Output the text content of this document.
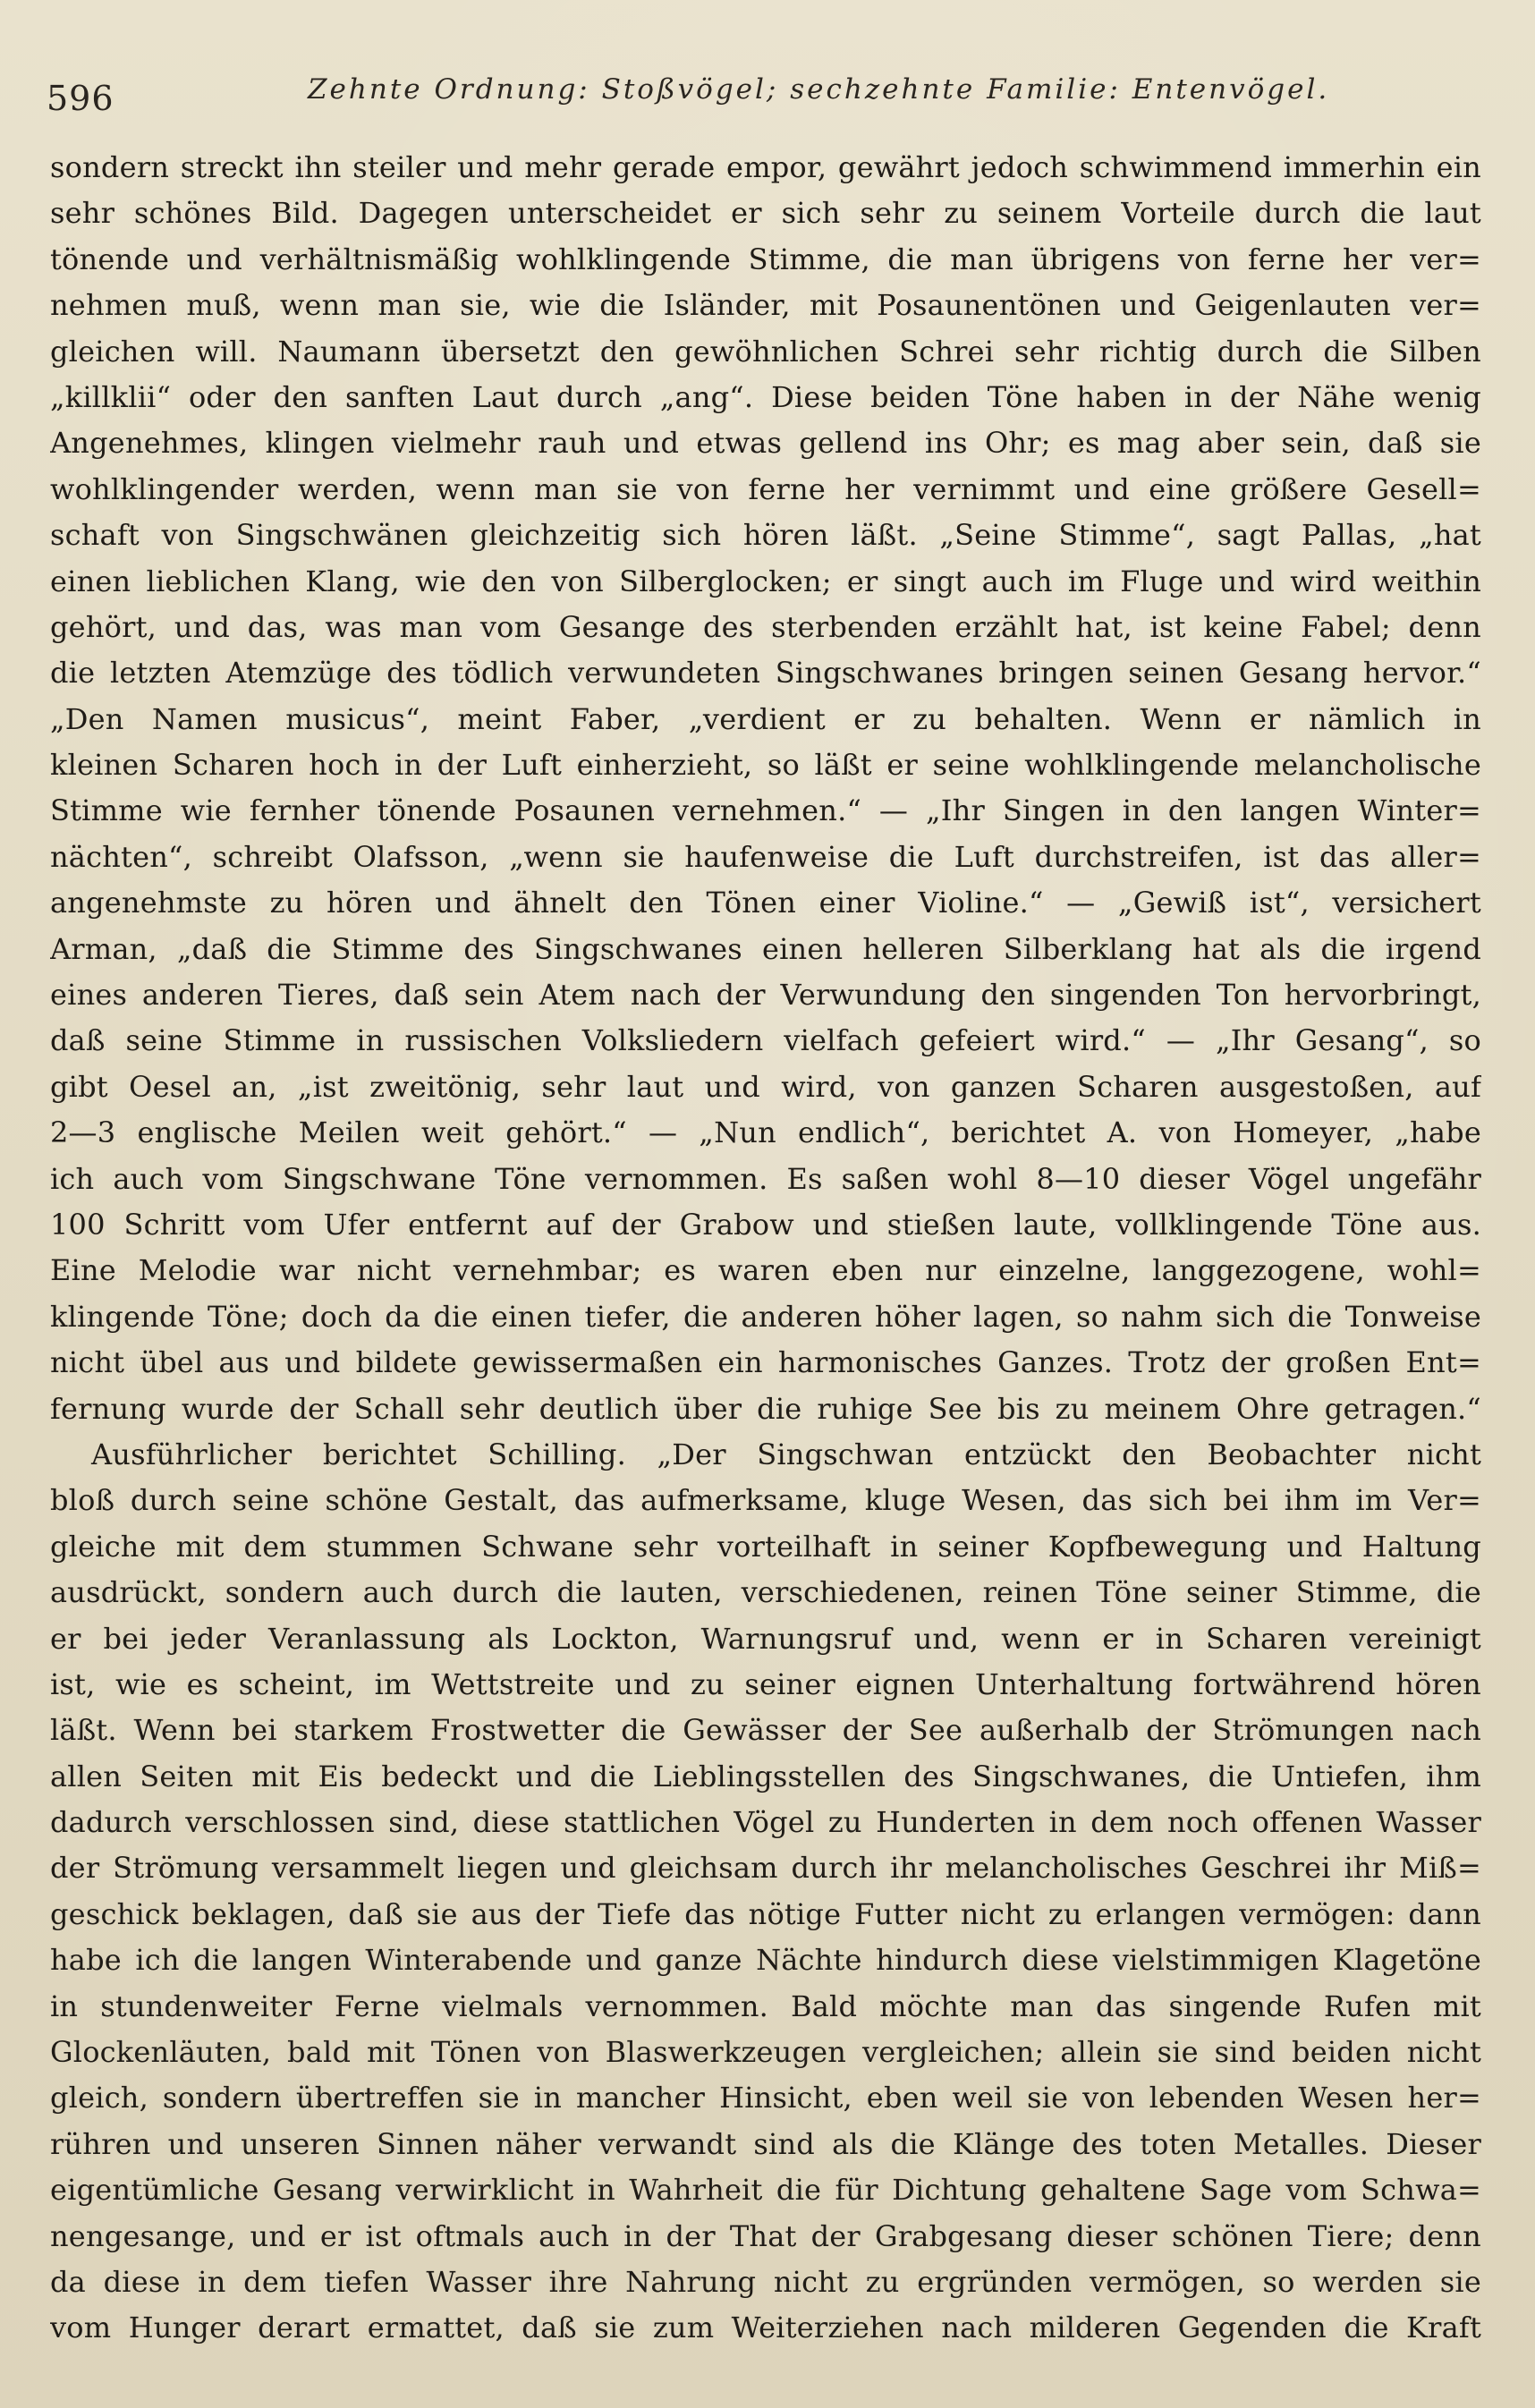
596	Zehnte Ordnung: Stoßvögel; sechzehnte Familie: Entenvögel.
sondern streckt ihn steiler und mehr gerade empor, gewährt jedoch schwimmend immerhin ein
sehr schönes Bild. Dagegen unterscheidet er sich sehr zu seinem Vorteile durch die laut
tönende und verhältnismäßig wohlklingende Stimme, die man übrigens von ferne her ver=
nehmen muß, wenn man sie, wie die Isländer, mit Posaunentönen und Geigenlauten ver=
gleichen will. Naumann übersetzt den gewöhnlichen Schrei sehr richtig durch die Silben
„killklii“ oder den sanften Laut durch „ang“. Diese beiden Töne haben in der Nähe wenig
Angenehmes, klingen vielmehr rauh und etwas gellend ins Ohr; es mag aber sein, daß sie
wohlklingender werden, wenn man sie von ferne her vernimmt und eine größere Gesell=
schaft von Singschwänen gleichzeitig sich hören läßt. „Seine Stimme“, sagt Pallas, „hat
einen lieblichen Klang, wie den von Silberglocken; er singt auch im Fluge und wird weithin
gehört, und das, was man vom Gesange des sterbenden erzählt hat, ist keine Fabel; denn
die letzten Atemzüge des tödlich verwundeten Singschwanes bringen seinen Gesang hervor.“
„Den Namen musicus“, meint Faber, „verdient er zu behalten. Wenn er nämlich in
kleinen Scharen hoch in der Luft einherzieht, so läßt er seine wohlklingende melancholische
Stimme wie fernher tönende Posaunen vernehmen.“ — „Ihr Singen in den langen Winter=
nächten“, schreibt Olafsson, „wenn sie haufenweise die Luft durchstreifen, ist das aller=
angenehmste zu hören und ähnelt den Tönen einer Violine.“ — „Gewiß ist“, versichert
Arman, „daß die Stimme des Singschwanes einen helleren Silberklang hat als die irgend
eines anderen Tieres, daß sein Atem nach der Verwundung den singenden Ton hervorbringt,
daß seine Stimme in russischen Volksliedern vielfach gefeiert wird.“ — „Ihr Gesang“, so
gibt Oesel an, „ist zweitönig, sehr laut und wird, von ganzen Scharen ausgestoßen, auf
2—3 englische Meilen weit gehört.“ — „Nun endlich“, berichtet A. von Homeyer, „habe
ich auch vom Singschwane Töne vernommen. Es saßen wohl 8—10 dieser Vögel ungefähr
100 Schritt vom Ufer entfernt auf der Grabow und stießen laute, vollklingende Töne aus.
Eine Melodie war nicht vernehmbar; es waren eben nur einzelne, langgezogene, wohl=
klingende Töne; doch da die einen tiefer, die anderen höher lagen, so nahm sich die Tonweise
nicht übel aus und bildete gewissermaßen ein harmonisches Ganzes. Trotz der großen Ent=
fernung wurde der Schall sehr deutlich über die ruhige See bis zu meinem Ohre getragen.“
Ausführlicher berichtet Schilling. „Der Singschwan entzückt den Beobachter nicht
bloß durch seine schöne Gestalt, das aufmerksame, kluge Wesen, das sich bei ihm im Ver=
gleiche mit dem stummen Schwane sehr vorteilhaft in seiner Kopfbewegung und Haltung
ausdrückt, sondern auch durch die lauten, verschiedenen, reinen Töne seiner Stimme, die
er bei jeder Veranlassung als Lockton, Warnungsruf und, wenn er in Scharen vereinigt
ist, wie es scheint, im Wettstreite und zu seiner eignen Unterhaltung fortwährend hören
läßt. Wenn bei starkem Frostwetter die Gewässer der See außerhalb der Strömungen nach
allen Seiten mit Eis bedeckt und die Lieblingsstellen des Singschwanes, die Untiefen, ihm
dadurch verschlossen sind, diese stattlichen Vögel zu Hunderten in dem noch offenen Wasser
der Strömung versammelt liegen und gleichsam durch ihr melancholisches Geschrei ihr Miß=
geschick beklagen, daß sie aus der Tiefe das nötige Futter nicht zu erlangen vermögen: dann
habe ich die langen Winterabende und ganze Nächte hindurch diese vielstimmigen Klagetöne
in stundenweiter Ferne vielmals vernommen. Bald möchte man das singende Rufen mit
Glockenläuten, bald mit Tönen von Blaswerkzeugen vergleichen; allein sie sind beiden nicht
gleich, sondern übertreffen sie in mancher Hinsicht, eben weil sie von lebenden Wesen her=
rühren und unseren Sinnen näher verwandt sind als die Klänge des toten Metalles. Dieser
eigentümliche Gesang verwirklicht in Wahrheit die für Dichtung gehaltene Sage vom Schwa=
nengesange, und er ist oftmals auch in der That der Grabgesang dieser schönen Tiere; denn
da diese in dem tiefen Wasser ihre Nahrung nicht zu ergründen vermögen, so werden sie
vom Hunger derart ermattet, daß sie zum Weiterziehen nach milderen Gegenden die Kraft
